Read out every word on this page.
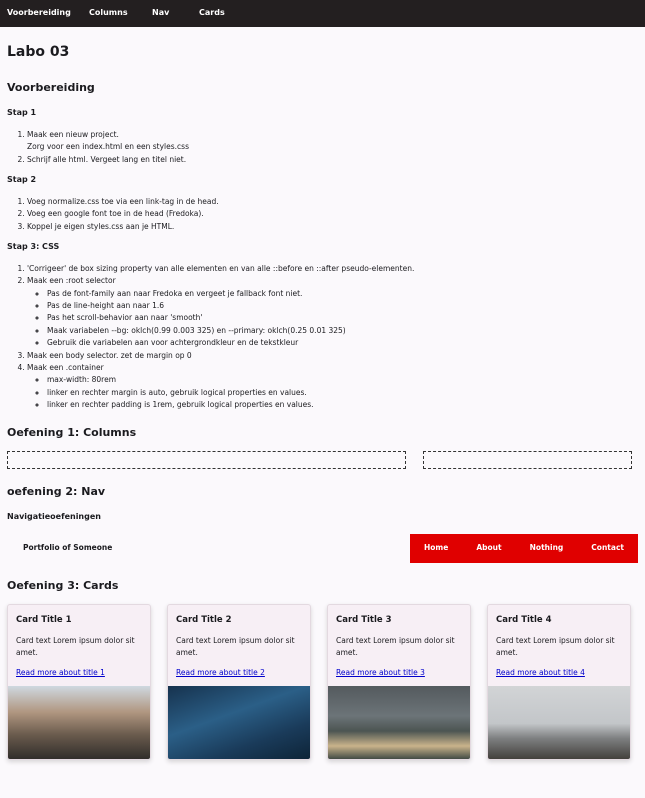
Voorbereiding	Columns	Nav	Cards
Labo 03
Voorbereiding
Stap 1
1. Maak een nieuw project.
Zorg voor een index.html en een styles.css
2. Schrijf alle html. Vergeet lang en titel niet.
Stap 2
1. Voeg normalize.css toe via een link-tag in de head.
2. Voeg een google font toe in de head (Fredoka).
3. Koppel je eigen styles.css aan je HTML.
Stap 3: CSS
1. 'Corrigeer' de box sizing property van alle elementen en van alle ::before en ::after pseudo-elementen.
2. Maak een :root selector
◦ Pas de font-family aan naar Fredoka en vergeet je fallback font niet.
◦ Pas de line-height aan naar 1.6
◦ Pas het scroll-behavior aan naar 'smooth'
◦ Maak variabelen --bg: oklch(0.99 0.003 325) en --primary: oklch(0.25 0.01 325)
◦ Gebruik die variabelen aan voor achtergrondkleur en de tekstkleur
3. Maak een body selector. zet de margin op 0
4. Maak een .container
◦ max-width: 80rem
◦ linker en rechter margin is auto, gebruik logical properties en values.
◦ linker en rechter padding is 1rem, gebruik logical properties en values.
Oefening 1: Columns
oefening 2: Nav
Navigatieoefeningen
Portfolio of Someone	Home	About	Nothing	Contact
Oefening 3: Cards
Card Title 1

Card text Lorem ipsum dolor sit amet.

Read more about title 1
Card Title 2

Card text Lorem ipsum dolor sit amet.

Read more about title 2
Card Title 3

Card text Lorem ipsum dolor sit amet.

Read more about title 3
Card Title 4

Card text Lorem ipsum dolor sit amet.

Read more about title 4
